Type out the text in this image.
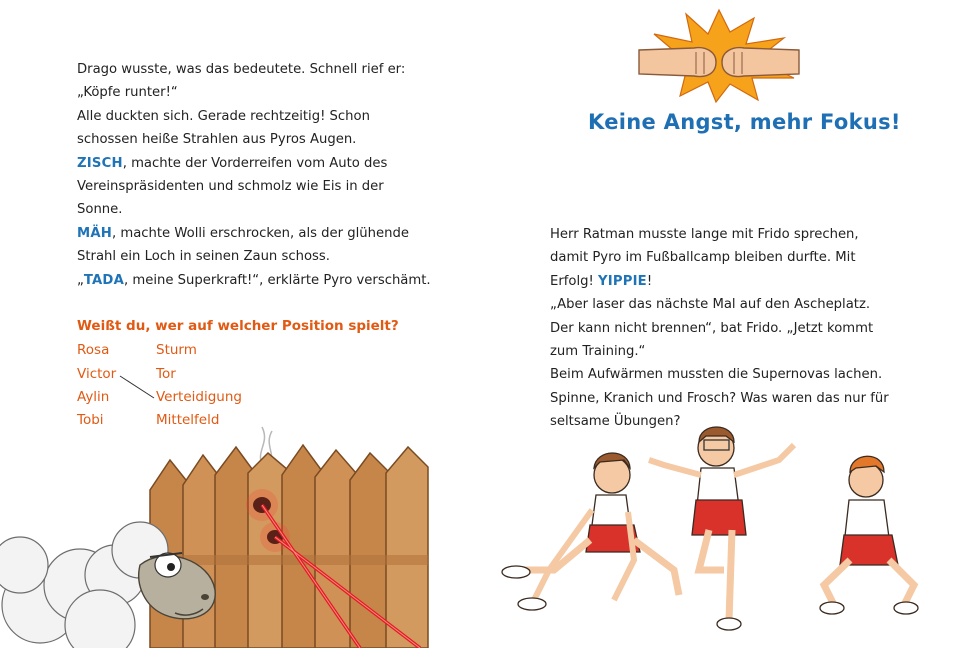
Drago wusste, was das bedeutete. Schnell rief er:
„Köpfe runter!“
Alle duckten sich. Gerade rechtzeitig! Schon
schossen heiße Strahlen aus Pyros Augen.
ZISCH, machte der Vorderreifen vom Auto des
Vereinspräsidenten und schmolz wie Eis in der
Sonne.
MÄH, machte Wolli erschrocken, als der glühende
Strahl ein Loch in seinen Zaun schoss.
„TADA, meine Superkraft!“, erklärte Pyro verschämt.
Weißt du, wer auf welcher Position spielt?
Rosa
Victor
Aylin
Tobi
Sturm
Tor
Verteidigung
Mittelfeld
Keine Angst, mehr Fokus!
Herr Ratman musste lange mit Frido sprechen,
damit Pyro im Fußballcamp bleiben durfte. Mit
Erfolg! YIPPIE!
„Aber laser das nächste Mal auf den Ascheplatz.
Der kann nicht brennen“, bat Frido. „Jetzt kommt
zum Training.“
Beim Aufwärmen mussten die Supernovas lachen.
Spinne, Kranich und Frosch? Was waren das nur für
seltsame Übungen?
